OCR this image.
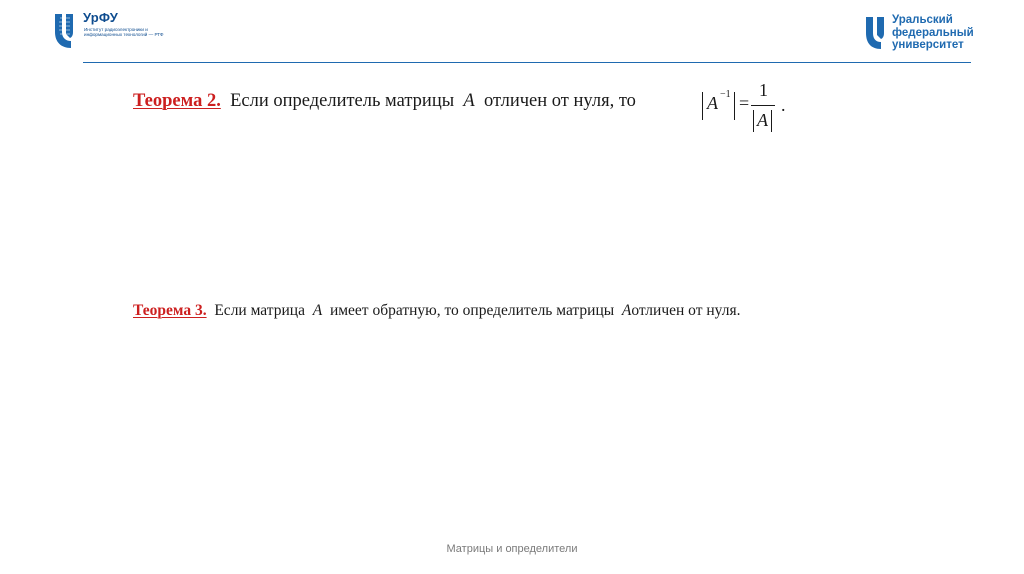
УрФУ
Институт радиоэлектроники и информационных технологий — РТФ
Уральский
федеральный
университет
Теорема 2. Если определитель матрицы A отличен от нуля, то	A −1 =
1
A
.
Теорема 3. Если матрица A имеет обратную, то определитель матрицы Aотличен от нуля.
Матрицы и определители
